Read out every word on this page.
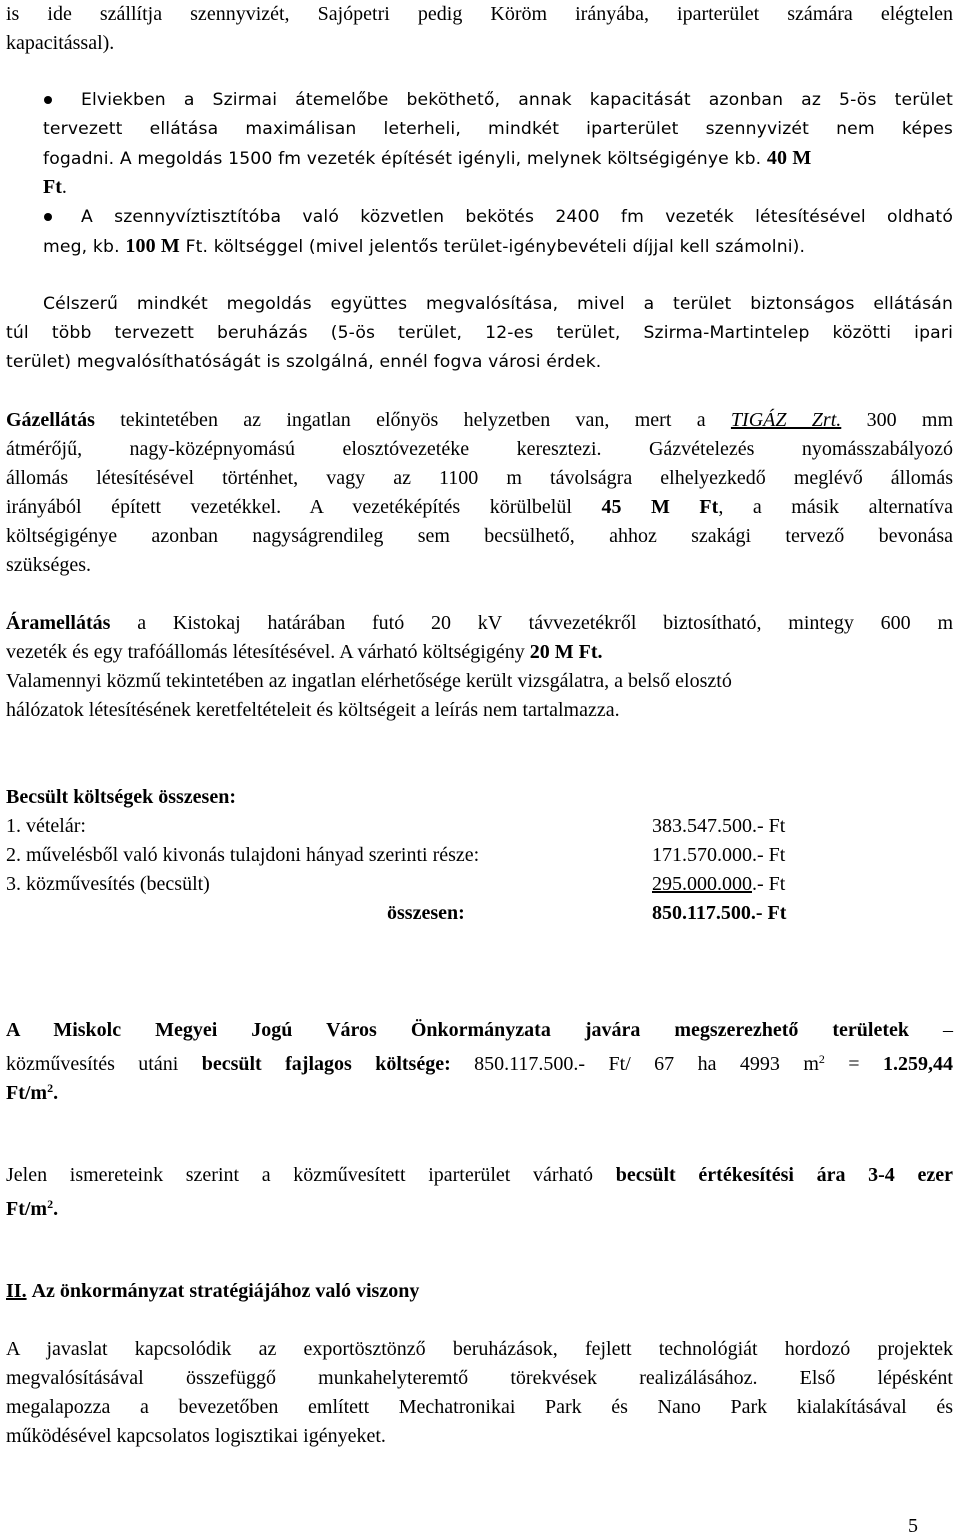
is ide szállítja szennyvizét, Sajópetri pedig Köröm irányába, iparterület számára elégtelen
kapacitással).
Elviekben a Szirmai átemelőbe beköthető, annak kapacitását azonban az 5-ös terület
tervezett ellátása maximálisan leterheli, mindkét iparterület szennyvizét nem képes
fogadni. A megoldás 1500 fm vezeték építését igényli, melynek költségigénye kb. 40 M
Ft.
A szennyvíztisztítóba való közvetlen bekötés 2400 fm vezeték létesítésével oldható
meg, kb. 100 M Ft. költséggel (mivel jelentős terület-igénybevételi díjjal kell számolni).
Célszerű mindkét megoldás együttes megvalósítása, mivel a terület biztonságos ellátásán
túl több tervezett beruházás (5-ös terület, 12-es terület, Szirma-Martintelep közötti ipari
terület) megvalósíthatóságát is szolgálná, ennél fogva városi érdek.
Gázellátás tekintetében az ingatlan előnyös helyzetben van, mert a TIGÁZ Zrt. 300 mm
átmérőjű, nagy-középnyomású elosztóvezetéke keresztezi. Gázvételezés nyomásszabályozó
állomás létesítésével történhet, vagy az 1100 m távolságra elhelyezkedő meglévő állomás
irányából épített vezetékkel. A vezetéképítés körülbelül 45 M Ft, a másik alternatíva
költségigénye azonban nagyságrendileg sem becsülhető, ahhoz szakági tervező bevonása
szükséges.
Áramellátás a Kistokaj határában futó 20 kV távvezetékről biztosítható, mintegy 600 m
vezeték és egy trafóállomás létesítésével. A várható költségigény 20 M Ft.
Valamennyi közmű tekintetében az ingatlan elérhetősége került vizsgálatra, a belső elosztó
hálózatok létesítésének keretfeltételeit és költségeit a leírás nem tartalmazza.
Becsült költségek összesen:
1. vételár:	383.547.500.- Ft
2. művelésből való kivonás tulajdoni hányad szerinti része:	171.570.000.- Ft
3. közművesítés (becsült)	295.000.000.- Ft
összesen:	850.117.500.- Ft
A Miskolc Megyei Jogú Város Önkormányzata javára megszerezhető területek –
közművesítés utáni becsült fajlagos költsége: 850.117.500.- Ft/ 67 ha 4993 $m^2 = 1.259,44$
$Ft/m^2$.
Jelen ismereteink szerint a közművesített iparterület várható becsült értékesítési ára 3-4 ezer
$Ft/m^2$.
II. Az önkormányzat stratégiájához való viszony
A javaslat kapcsolódik az exportösztönző beruházások, fejlett technológiát hordozó projektek
megvalósításával összefüggő munkahelyteremtő törekvések realizálásához. Első lépésként
megalapozza a bevezetőben említett Mechatronikai Park és Nano Park kialakításával és
működésével kapcsolatos logisztikai igényeket.
5
